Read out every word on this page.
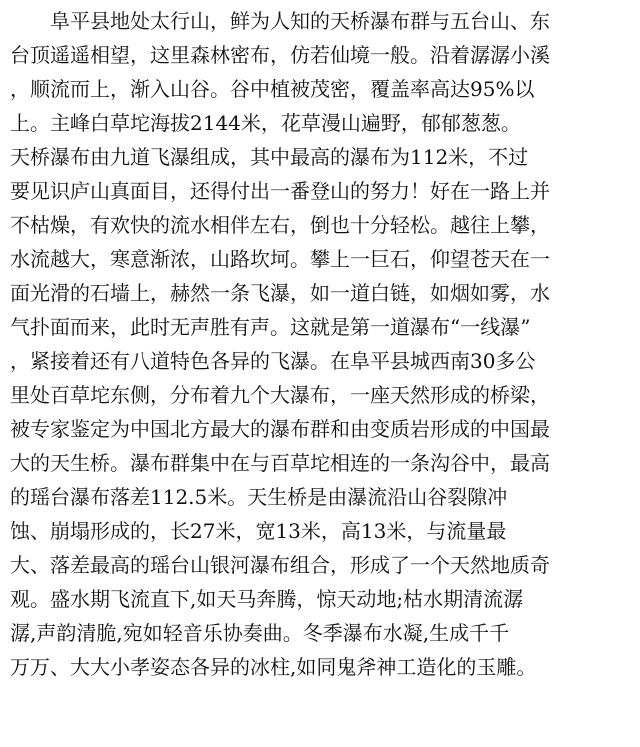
　　阜平县地处太行山，鲜为人知的天桥瀑布群与五台山、东
台顶遥遥相望，这里森林密布，仿若仙境一般。沿着潺潺小溪
，顺流而上，渐入山谷。谷中植被茂密，覆盖率高达95%以
上。主峰白草坨海拔2144米，花草漫山遍野，郁郁葱葱。
天桥瀑布由九道飞瀑组成，其中最高的瀑布为112米，不过
要见识庐山真面目，还得付出一番登山的努力！好在一路上并
不枯燥，有欢快的流水相伴左右，倒也十分轻松。越往上攀，
水流越大，寒意渐浓，山路坎坷。攀上一巨石，仰望苍天在一
面光滑的石墙上，赫然一条飞瀑，如一道白链，如烟如雾，水
气扑面而来，此时无声胜有声。这就是第一道瀑布“一线瀑”
，紧接着还有八道特色各异的飞瀑。在阜平县城西南30多公
里处百草坨东侧，分布着九个大瀑布，一座天然形成的桥梁，
被专家鉴定为中国北方最大的瀑布群和由变质岩形成的中国最
大的天生桥。瀑布群集中在与百草坨相连的一条沟谷中，最高
的瑶台瀑布落差112.5米。天生桥是由瀑流沿山谷裂隙冲
蚀、崩塌形成的，长27米，宽13米，高13米，与流量最
大、落差最高的瑶台山银河瀑布组合，形成了一个天然地质奇
观。盛水期飞流直下,如天马奔腾，惊天动地;枯水期清流潺
潺,声韵清脆,宛如轻音乐协奏曲。冬季瀑布水凝,生成千千
万万、大大小孝姿态各异的冰柱,如同鬼斧神工造化的玉雕。
